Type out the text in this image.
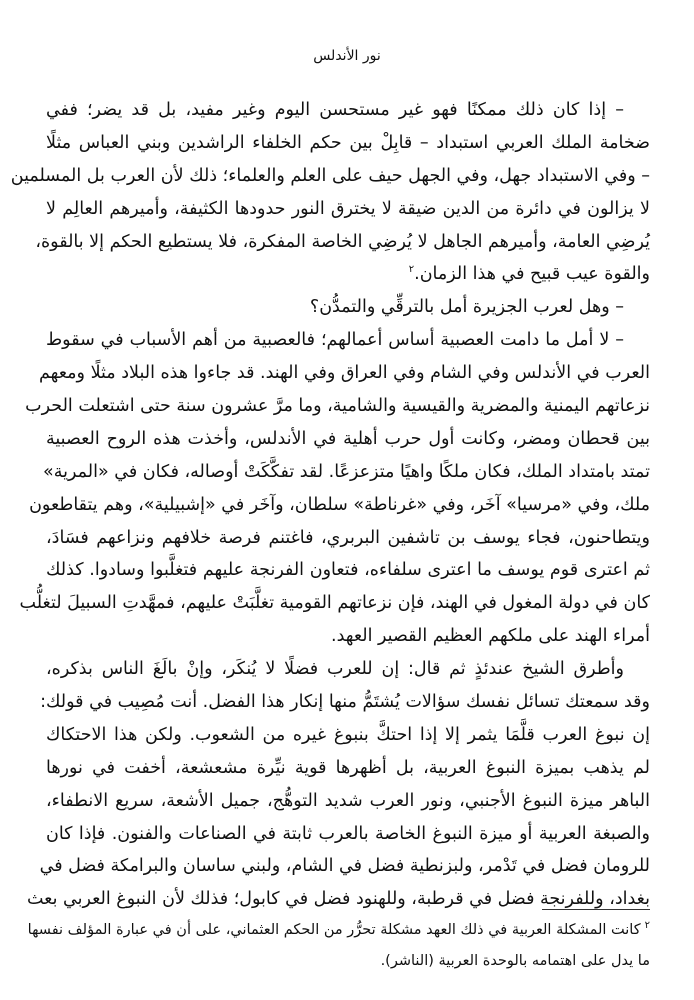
نور الأندلس
– إذا كان ذلك ممكنًا فهو غير مستحسن اليوم وغير مفيد، بل قد يضر؛ ففي
ضخامة الملك العربي استبداد – قابِلْ بين حكم الخلفاء الراشدين وبني العباس مثلًا
– وفي الاستبداد جهل، وفي الجهل حيف على العلم والعلماء؛ ذلك لأن العرب بل المسلمين
لا يزالون في دائرة من الدين ضيقة لا يخترق النور حدودها الكثيفة، وأميرهم العالِم لا
يُرضِي العامة، وأميرهم الجاهل لا يُرضِي الخاصة المفكرة، فلا يستطيع الحكم إلا بالقوة،
والقوة عيب قبيح في هذا الزمان.$^٢$
– وهل لعرب الجزيرة أمل بالترقِّي والتمدُّن؟
– لا أمل ما دامت العصبية أساس أعمالهم؛ فالعصبية من أهم الأسباب في سقوط
العرب في الأندلس وفي الشام وفي العراق وفي الهند. قد جاءوا هذه البلاد مثلًا ومعهم
نزعاتهم اليمنية والمضرية والقيسية والشامية، وما مرَّ عشرون سنة حتى اشتعلت الحرب
بين قحطان ومضر، وكانت أول حرب أهلية في الأندلس، وأخذت هذه الروح العصبية
تمتد بامتداد الملك، فكان ملكًا واهيًا متزعزعًا. لقد تفكَّكَتْ أوصاله، فكان في «المرية»
ملك، وفي «مرسيا» آخَر، وفي «غرناطة» سلطان، وآخَر في «إشبيلية»، وهم يتقاطعون
ويتطاحنون، فجاء يوسف بن تاشفين البربري، فاغتنم فرصة خلافهم ونزاعهم فسَادَ،
ثم اعترى قوم يوسف ما اعترى سلفاءه، فتعاون الفرنجة عليهم فتغلَّبوا وسادوا. كذلك
كان في دولة المغول في الهند، فإن نزعاتهم القومية تغلَّبَتْ عليهم، فمهَّدتِ السبيلَ لتغلُّب
أمراء الهند على ملكهم العظيم القصير العهد.
وأطرق الشيخ عندئذٍ ثم قال: إن للعرب فضلًا لا يُنكَر، وإنْ بالَغَ الناس بذكره،
وقد سمعتك تسائل نفسك سؤالات يُشتَمُّ منها إنكار هذا الفضل. أنت مُصِيب في قولك:
إن نبوغ العرب قلَّمَا يثمر إلا إذا احتكَّ بنبوغ غيره من الشعوب. ولكن هذا الاحتكاك
لم يذهب بميزة النبوغ العربية، بل أظهرها قوية نيِّرة مشعشعة، أخفت في نورها
الباهر ميزة النبوغ الأجنبي، ونور العرب شديد التوهُّج، جميل الأشعة، سريع الانطفاء،
والصبغة العربية أو ميزة النبوغ الخاصة بالعرب ثابتة في الصناعات والفنون. فإذا كان
للرومان فضل في تَدْمر، ولبزنطية فضل في الشام، ولبني ساسان والبرامكة فضل في
بغداد، وللفرنجة فضل في قرطبة، وللهنود فضل في كابول؛ فذلك لأن النبوغ العربي بعث
$^٢$كانت المشكلة العربية في ذلك العهد مشكلة تحرُّر من الحكم العثماني، على أن في عبارة المؤلف نفسها
ما يدل على اهتمامه بالوحدة العربية (الناشر).
